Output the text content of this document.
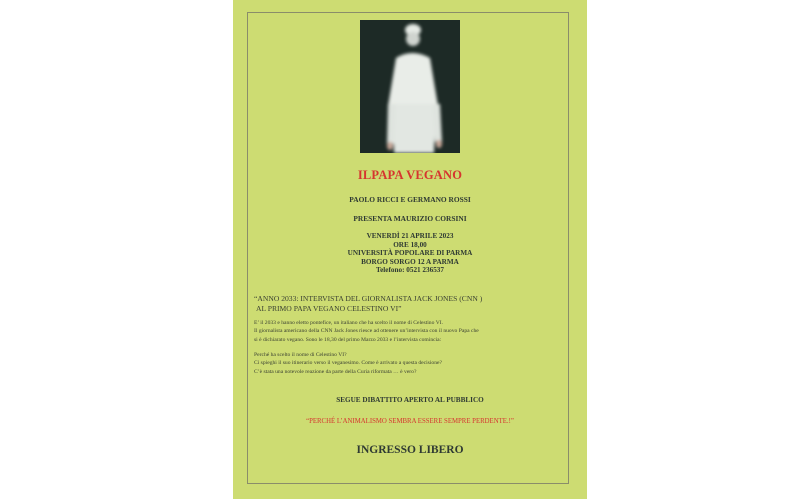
ILPAPA VEGANO
PAOLO RICCI E GERMANO ROSSI
PRESENTA MAURIZIO CORSINI
VENERDÌ 21 APRILE 2023
ORE 18,00
UNIVERSITÀ POPOLARE DI PARMA
BORGO SORGO 12 A PARMA
Telefono: 0521 236537
“ANNO 2033: INTERVISTA DEL GIORNALISTA JACK JONES (CNN )
AL PRIMO PAPA VEGANO CELESTINO VI”
E’ il 2033 e hanno eletto pontefice, un italiano che ha scelto il nome di Celestino VI.
Il giornalista americano della CNN Jack Jones riesce ad ottenere un’intervista con il nuovo Papa che
si è dichiarato vegano. Sono le 18,30 del primo Marzo 2033 e l’intervista comincia:
Perché ha scelto il nome di Celestino VI?
Ci spieghi il suo itinerario verso il veganesimo. Come è arrivato a questa decisione?
C’è stata una notevole reazione da parte della Curia riformata … è vero?
SEGUE DIBATTITO APERTO AL PUBBLICO
“PERCHÉ L’ANIMALISMO SEMBRA ESSERE SEMPRE PERDENTE.!”
INGRESSO LIBERO
